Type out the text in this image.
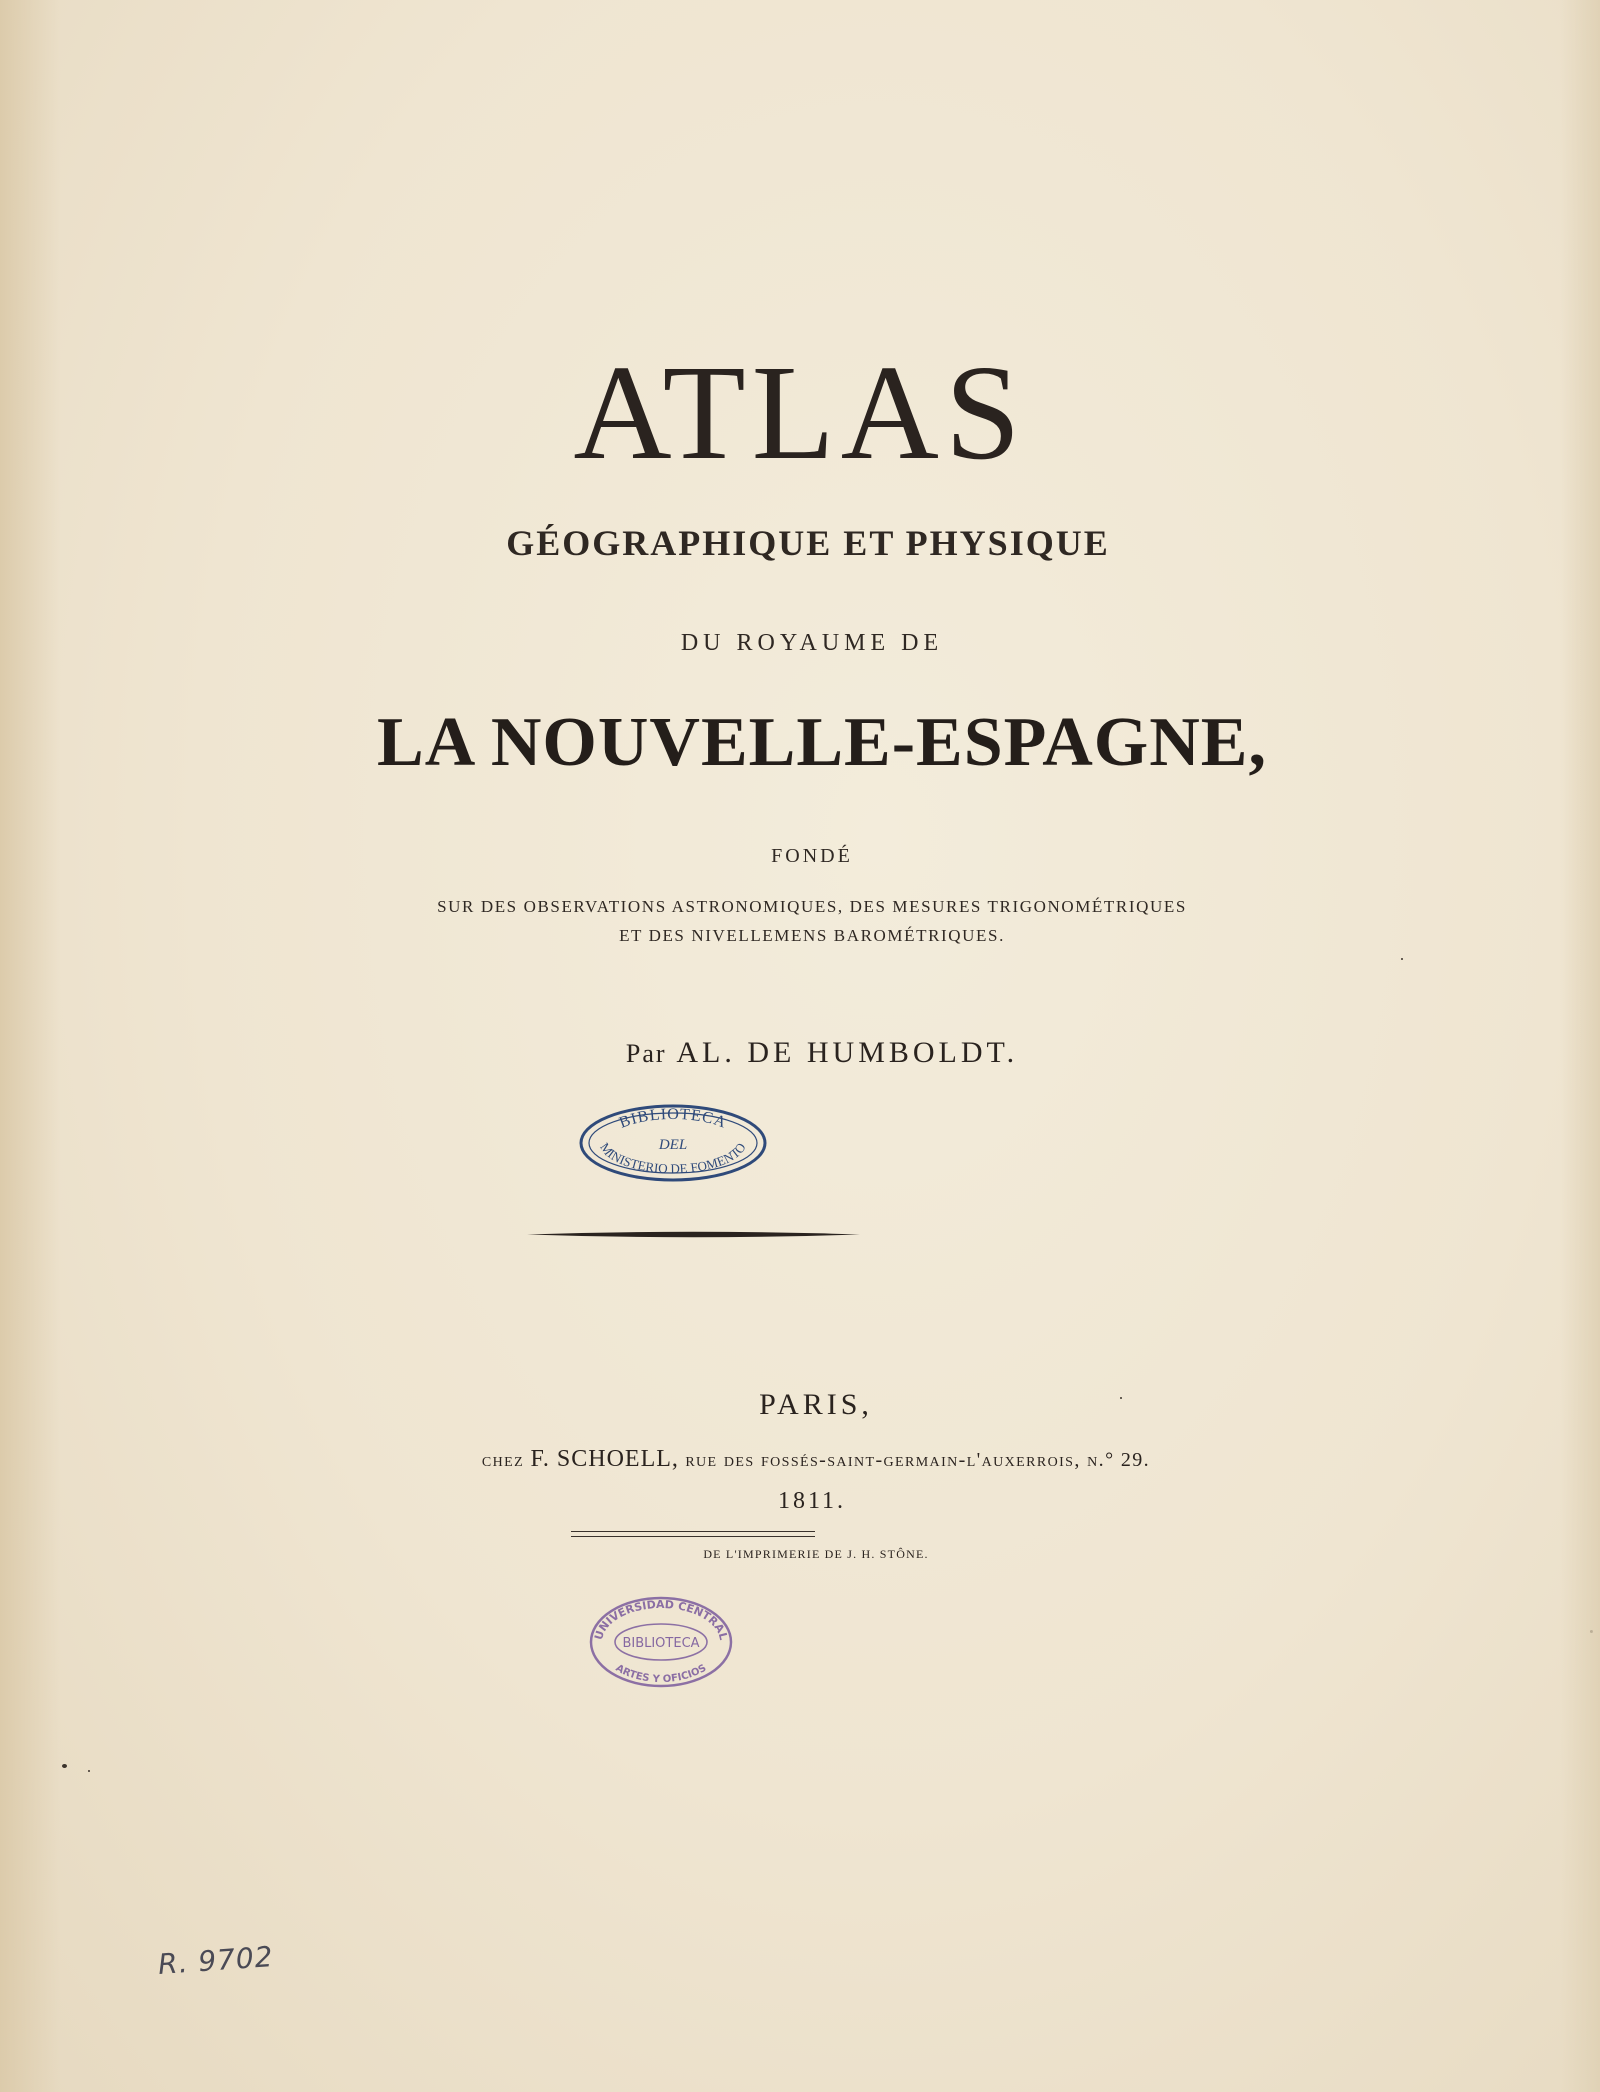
ATLAS
GÉOGRAPHIQUE ET PHYSIQUE
DU ROYAUME DE
LA NOUVELLE-ESPAGNE,
FONDÉ
SUR DES OBSERVATIONS ASTRONOMIQUES, DES MESURES TRIGONOMÉTRIQUES
ET DES NIVELLEMENS BAROMÉTRIQUES.
Par AL. DE HUMBOLDT.
BIBLIOTECA
DEL
MINISTERIO DE FOMENTO
PARIS,
chez F. SCHOELL, rue des fossés-saint-germain-l'auxerrois, n.° 29.
1811.
DE L'IMPRIMERIE DE J. H. STÔNE.
UNIVERSIDAD CENTRAL
BIBLIOTECA
ARTES Y OFICIOS
R. 9702
